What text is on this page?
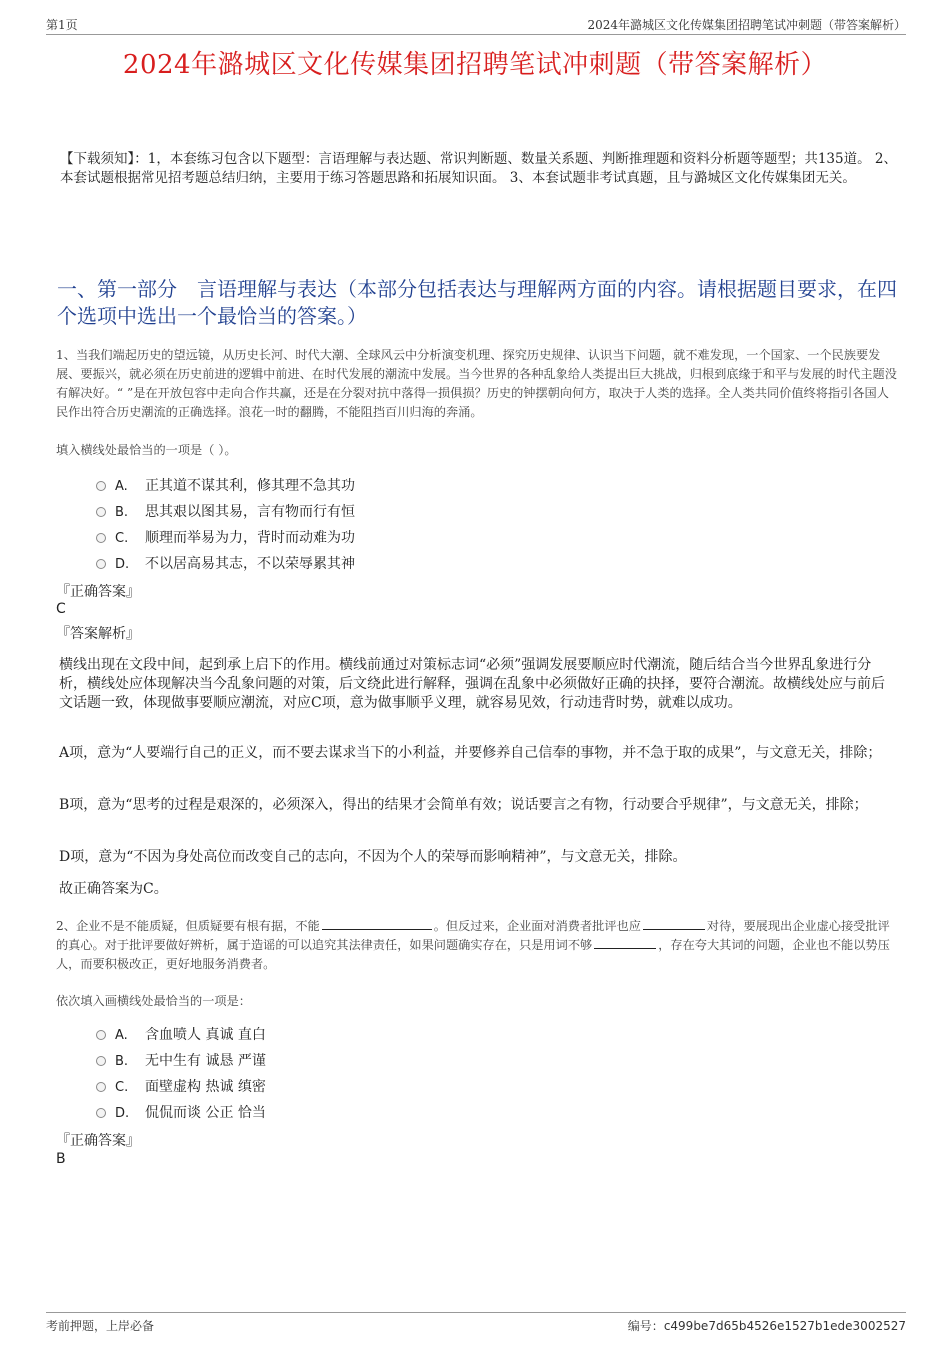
第1页	2024年潞城区文化传媒集团招聘笔试冲刺题（带答案解析）
2024年潞城区文化传媒集团招聘笔试冲刺题（带答案解析）
【下载须知】：1，本套练习包含以下题型：言语理解与表达题、常识判断题、数量关系题、判断推理题和资料分析题等题型；共135道。 2、本套试题根据常见招考题总结归纳，主要用于练习答题思路和拓展知识面。 3、本套试题非考试真题，且与潞城区文化传媒集团无关。
一、第一部分　言语理解与表达（本部分包括表达与理解两方面的内容。请根据题目要求，在四个选项中选出一个最恰当的答案。）
1、当我们端起历史的望远镜，从历史长河、时代大潮、全球风云中分析演变机理、探究历史规律、认识当下问题，就不难发现，一个国家、一个民族要发展、要振兴，就必须在历史前进的逻辑中前进、在时代发展的潮流中发展。当今世界的各种乱象给人类提出巨大挑战，归根到底缘于和平与发展的时代主题没有解决好。“ ”是在开放包容中走向合作共赢，还是在分裂对抗中落得一损俱损？历史的钟摆朝向何方，取决于人类的选择。全人类共同价值终将指引各国人民作出符合历史潮流的正确选择。浪花一时的翻腾，不能阻挡百川归海的奔涌。
填入横线处最恰当的一项是（ ）。
A. 正其道不谋其利，修其理不急其功
B. 思其艰以图其易，言有物而行有恒
C. 顺理而举易为力，背时而动难为功
D. 不以居高易其志，不以荣辱累其神
『正确答案』
C
『答案解析』
横线出现在文段中间，起到承上启下的作用。横线前通过对策标志词“必须”强调发展要顺应时代潮流，随后结合当今世界乱象进行分析，横线处应体现解决当今乱象问题的对策，后文绕此进行解释，强调在乱象中必须做好正确的抉择，要符合潮流。故横线处应与前后文话题一致，体现做事要顺应潮流，对应C项，意为做事顺乎义理，就容易见效，行动违背时势，就难以成功。
A项，意为“人要端行自己的正义，而不要去谋求当下的小利益，并要修养自己信奉的事物，并不急于取的成果”，与文意无关，排除；
B项，意为“思考的过程是艰深的，必须深入，得出的结果才会简单有效；说话要言之有物，行动要合乎规律”，与文意无关，排除；
D项，意为“不因为身处高位而改变自己的志向，不因为个人的荣辱而影响精神”，与文意无关，排除。
故正确答案为C。
2、企业不是不能质疑，但质疑要有根有据，不能	。但反过来，企业面对消费者批评也应	对待，要展现出企业虚心接受批评的真心。对于批评要做好辨析，属于造谣的可以追究其法律责任，如果问题确实存在，只是用词不够	，存在夸大其词的问题，企业也不能以势压人，而要积极改正，更好地服务消费者。
依次填入画横线处最恰当的一项是：
A. 含血喷人 真诚 直白
B. 无中生有 诚恳 严谨
C. 面壁虚构 热诚 缜密
D. 侃侃而谈 公正 恰当
『正确答案』
B
考前押题，上岸必备	编号：c499be7d65b4526e1527b1ede3002527
